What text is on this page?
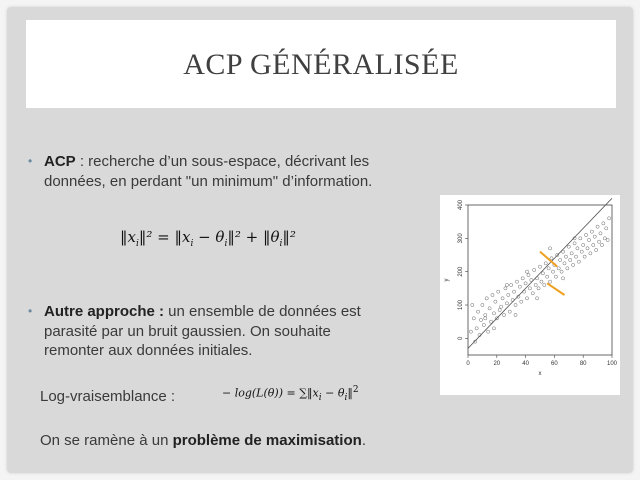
ACP GÉNÉRALISÉE
• ACP : recherche d’un sous-espace, décrivant les
données, en perdant "un minimum" d’information.
$‖x_i‖^2$ = $‖x_i$ − $\theta_i‖^2$ + $‖\theta_i‖^2$
• Autre approche : un ensemble de données est
parasité par un bruit gaussien. On souhaite
remonter aux données initiales.
Log-vraisemblance :	− $\log(L(\theta)) = \sum‖x_i$ − $\theta_i‖^2$
On se ramène à un problème de maximisation.
0
100
200
300
400
0	20	40	60	80	100
x
y
